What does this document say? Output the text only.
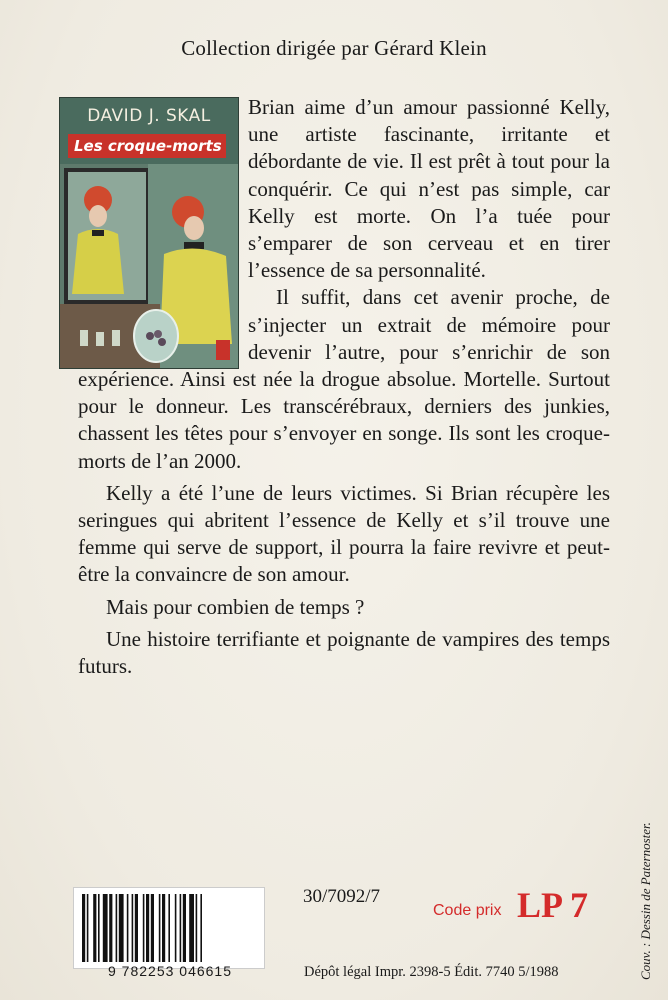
Collection dirigée par Gérard Klein
DAVID J. SKAL
Les croque-morts

Brian aime d’un amour passionné Kelly, une artiste fascinante, irritante et débordante de vie. Il est prêt à tout pour la conquérir. Ce qui n’est pas simple, car Kelly est morte. On l’a tuée pour s’emparer de son cerveau et en tirer l’essence de sa personnalité.

Il suffit, dans cet avenir proche, de s’injecter un extrait de mémoire pour devenir l’autre, pour s’enrichir de son expérience. Ainsi est née la drogue absolue. Mortelle. Surtout pour le donneur. Les transcérébraux, derniers des junkies, chassent les têtes pour s’envoyer en songe. Ils sont les croque-morts de l’an 2000.

Kelly a été l’une de leurs victimes. Si Brian récupère les seringues qui abritent l’essence de Kelly et s’il trouve une femme qui serve de support, il pourra la faire revivre et peut-être la convaincre de son amour.

Mais pour combien de temps ?

Une histoire terrifiante et poignante de vampires des temps futurs.

9 782253 046615
30/7092/7
Code prix LP 7
Dépôt légal Impr. 2398-5 Édit. 7740 5/1988	Couv. : Dessin de Paternoster.
